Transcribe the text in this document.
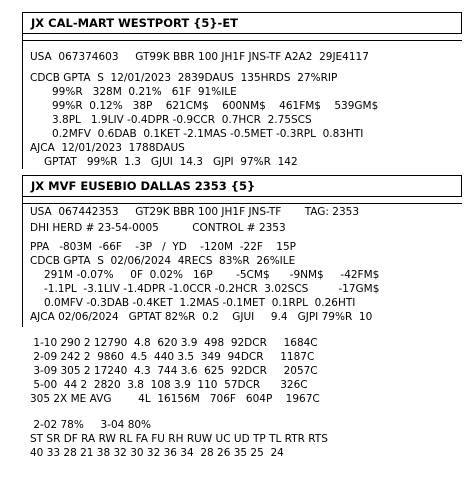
JX CAL-MART WESTPORT {5}-ET
USA  067374603     GT99K BBR 100 JH1F JNS-TF A2A2  29JE4117
CDCB GPTA  S  12/01/2023  2839DAUS  135HRDS  27%RIP
99%R   328M  0.21%   61F  91%ILE
99%R  0.12%   38P    621CM$    600NM$    461FM$    539GM$
3.8PL   1.9LIV -0.4DPR -0.9CCR  0.7HCR  2.75SCS
0.2MFV  0.6DAB  0.1KET -2.1MAS -0.5MET -0.3RPL  0.83HTI
AJCA  12/01/2023  1788DAUS
GPTAT   99%R  1.3   GJUI  14.3   GJPI  97%R  142
JX MVF EUSEBIO DALLAS 2353 {5}
USA  067442353     GT29K BBR 100 JH1F JNS-TF       TAG: 2353
DHI HERD # 23-54-0005          CONTROL # 2353
PPA   -803M  -66F    -3P   /  YD    -120M  -22F    15P
CDCB GPTA  S  02/06/2024  4RECS  83%R  26%ILE
291M -0.07%     0F  0.02%   16P       -5CM$      -9NM$     -42FM$
-1.1PL  -3.1LIV -1.4DPR -1.0CCR -0.2HCR  3.02SCS         -17GM$
0.0MFV -0.3DAB -0.4KET  1.2MAS -0.1MET  0.1RPL  0.26HTI
AJCA 02/06/2024   GPTAT 82%R  0.2    GJUI     9.4   GJPI 79%R  10
1-10 290 2 12790  4.8  620 3.9  498  92DCR     1684C
2-09 242 2  9860  4.5  440 3.5  349  94DCR     1187C
3-09 305 2 17240  4.3  744 3.6  625  92DCR     2057C
5-00  44 2  2820  3.8  108 3.9  110  57DCR      326C
305 2X ME AVG        4L  16156M   706F   604P    1967C
2-02 78%     3-04 80%
ST SR DF RA RW RL FA FU RH RUW UC UD TP TL RTR RTS
40 33 28 21 38 32 30 32 36 34  28 26 35 25  24
